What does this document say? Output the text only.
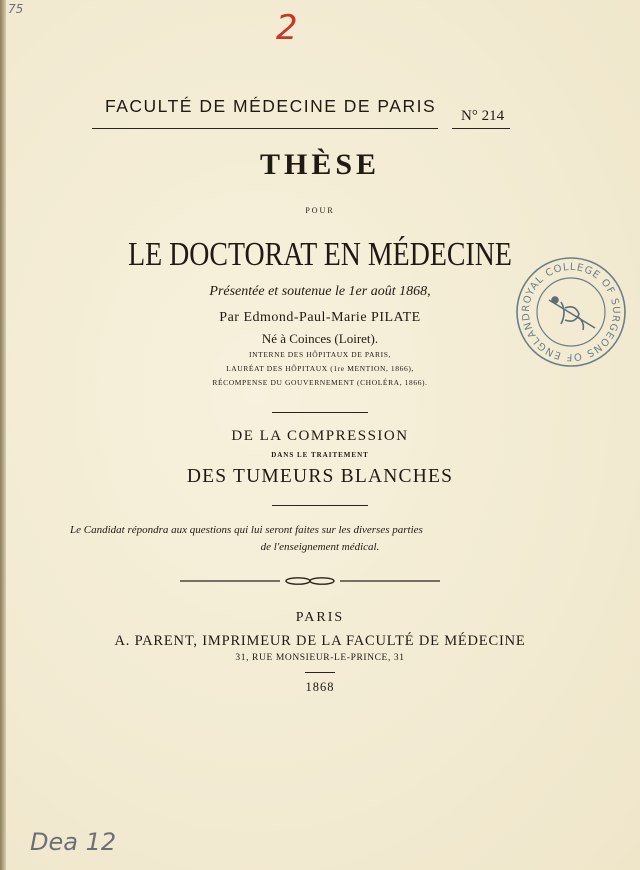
75	2
FACULTÉ DE MÉDECINE DE PARIS N° 214
THÈSE
POUR
LE DOCTORAT EN MÉDECINE
Présentée et soutenue le 1er août 1868,
Par Edmond-Paul-Marie PILATE
Né à Coinces (Loiret).
INTERNE DES HÔPITAUX DE PARIS,
LAURÉAT DES HÔPITAUX (1re MENTION, 1866),
RÉCOMPENSE DU GOUVERNEMENT (CHOLÉRA, 1866).
DE LA COMPRESSION
DANS LE TRAITEMENT
DES TUMEURS BLANCHES
Le Candidat répondra aux questions qui lui seront faites sur les diverses parties
de l'enseignement médical.
PARIS
A. PARENT, IMPRIMEUR DE LA FACULTÉ DE MÉDECINE
31, RUE MONSIEUR-LE-PRINCE, 31
1868
Dea 12
ROYAL COLLEGE OF SURGEONS OF ENGLAND
